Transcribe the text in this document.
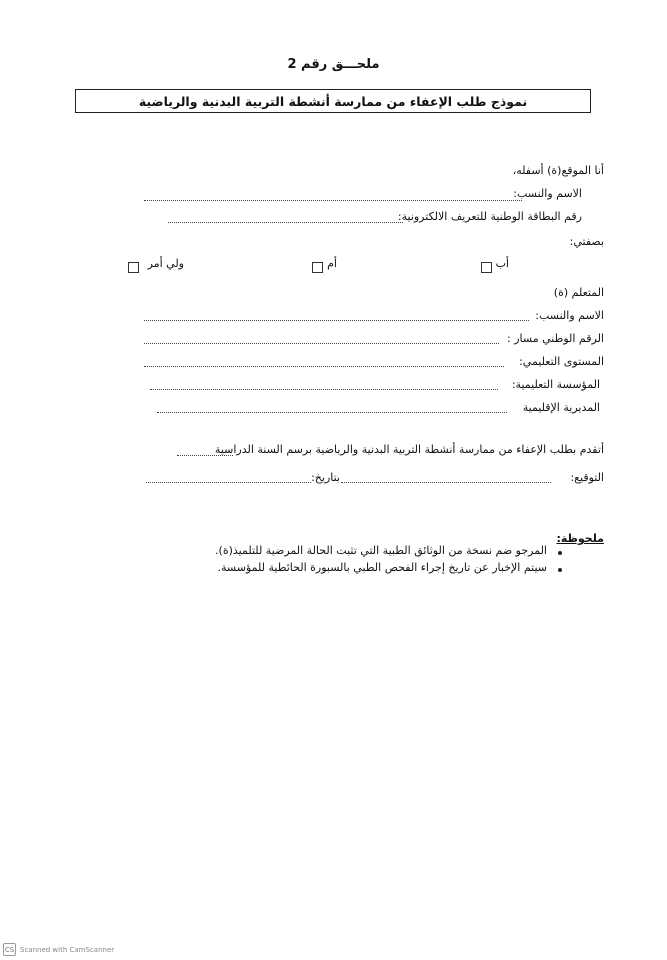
ملحـــق رقم 2
نموذج طلب الإعفاء من ممارسة أنشطة التربية البدنية والرياضية
أنا الموقع(ة) أسفله،
الاسم والنسب:
رقم البطاقة الوطنية للتعريف الالكترونية:
بصفتي:
أب
أم
ولي أمر
المتعلم (ة)
الاسم والنسب:
الرقم الوطني مسار :
المستوى التعليمي:
المؤسسة التعليمية:
المديرية الإقليمية
أتقدم بطلب الإعفاء من ممارسة أنشطة التربية البدنية والرياضية برسم السنة الدراسية
التوقيع:
بتاريخ:
ملحوظة:
المرجو ضم نسخة من الوثائق الطبية التي تثبت الحالة المرضية للتلميذ(ة).
سيتم الإخبار عن تاريخ إجراء الفحص الطبي بالسبورة الحائطية للمؤسسة.
CS Scanned with CamScanner
